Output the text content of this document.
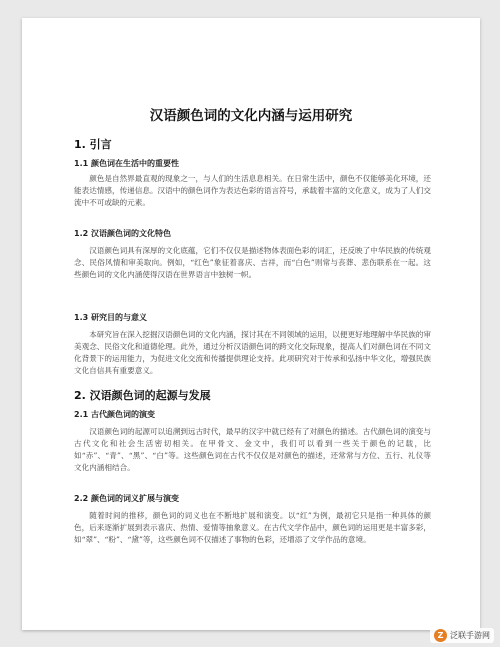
汉语颜色词的文化内涵与运用研究
1. 引言
1.1 颜色词在生活中的重要性

颜色是自然界最直观的现象之一，与人们的生活息息相关。在日常生活中，颜色不仅能够美化环境，还能表达情感，传递信息。汉语中的颜色词作为表达色彩的语言符号，承载着丰富的文化意义，成为了人们交流中不可或缺的元素。

1.2 汉语颜色词的文化特色

汉语颜色词具有深厚的文化底蕴，它们不仅仅是描述物体表面色彩的词汇，还反映了中华民族的传统观念、民俗风情和审美取向。例如，“红色”象征着喜庆、吉祥，而“白色”则常与丧葬、悲伤联系在一起。这些颜色词的文化内涵使得汉语在世界语言中独树一帜。

1.3 研究目的与意义

本研究旨在深入挖掘汉语颜色词的文化内涵，探讨其在不同领域的运用，以便更好地理解中华民族的审美观念、民俗文化和道德伦理。此外，通过分析汉语颜色词的跨文化交际现象，提高人们对颜色词在不同文化背景下的运用能力，为促进文化交流和传播提供理论支持。此项研究对于传承和弘扬中华文化，增强民族文化自信具有重要意义。

2. 汉语颜色词的起源与发展
2.1 古代颜色词的演变

汉语颜色词的起源可以追溯到远古时代，最早的汉字中就已经有了对颜色的描述。古代颜色词的演变与古代文化和社会生活密切相关。在甲骨文、金文中，我们可以看到一些关于颜色的记载，比如“赤”、“青”、“黑”、“白”等。这些颜色词在古代不仅仅是对颜色的描述，还常常与方位、五行、礼仪等文化内涵相结合。

2.2 颜色词的词义扩展与演变

随着时间的推移，颜色词的词义也在不断地扩展和演变。以“红”为例，最初它只是指一种具体的颜色，后来逐渐扩展到表示喜庆、热情、爱情等抽象意义。在古代文学作品中，颜色词的运用更是丰富多彩，如“翠”、“粉”、“黛”等，这些颜色词不仅描述了事物的色彩，还增添了文学作品的意境。

Z 泛联手游网
